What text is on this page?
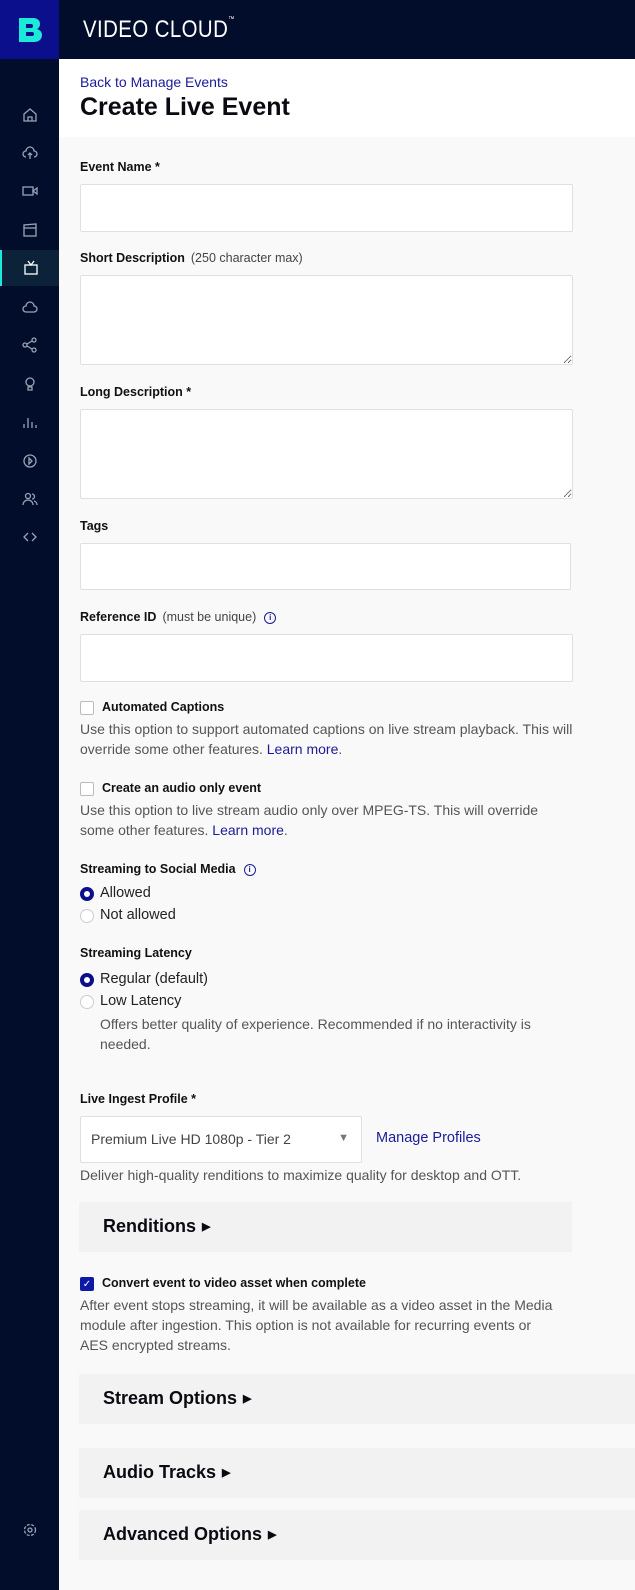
VIDEO CLOUD™
Back to Manage Events
Create Live Event
Event Name *
Short Description (250 character max)
Long Description *
Tags
Reference ID (must be unique) i
Automated Captions
Use this option to support automated captions on live stream playback. This will override some other features. Learn more.
Create an audio only event
Use this option to live stream audio only over MPEG-TS. This will override some other features. Learn more.
Streaming to Social Media i
Allowed
Not allowed
Streaming Latency
Regular (default)
Low Latency
Offers better quality of experience. Recommended if no interactivity is needed.
Live Ingest Profile *
Premium Live HD 1080p - Tier 2	▼ Manage Profiles
Deliver high-quality renditions to maximize quality for desktop and OTT.
Renditions ▶
✓ Convert event to video asset when complete
After event stops streaming, it will be available as a video asset in the Media module after ingestion. This option is not available for recurring events or AES encrypted streams.
Stream Options ▶
Audio Tracks ▶
Advanced Options ▶
